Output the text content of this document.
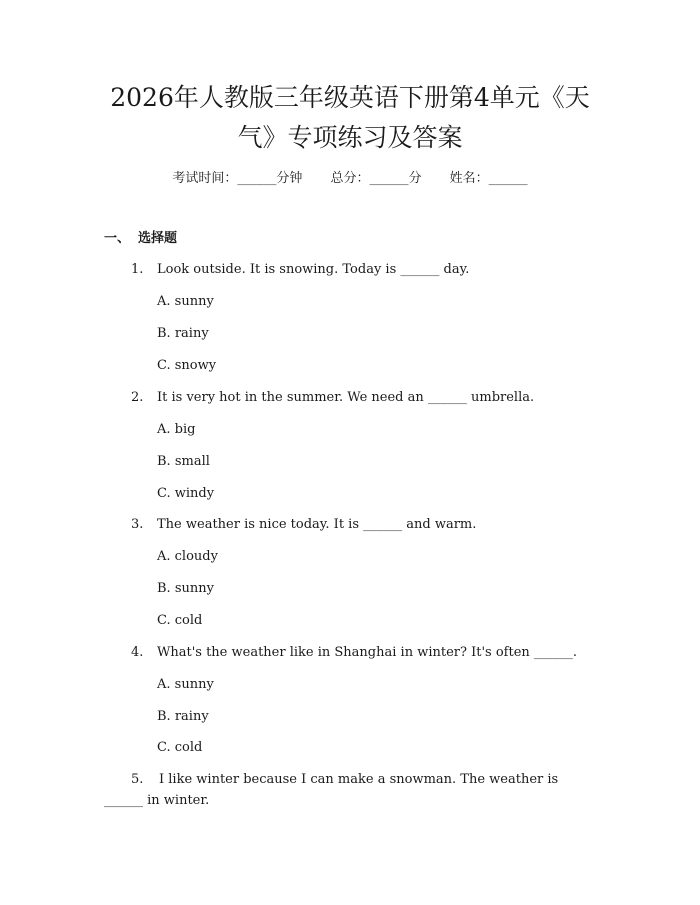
2026年人教版三年级英语下册第4单元《天
气》专项练习及答案
考试时间：______分钟 总分：______分 姓名：______
一、 选择题
1. Look outside. It is snowing. Today is ______ day.
A. sunny
B. rainy
C. snowy
2. It is very hot in the summer. We need an ______ umbrella.
A. big
B. small
C. windy
3. The weather is nice today. It is ______ and warm.
A. cloudy
B. sunny
C. cold
4. What's the weather like in Shanghai in winter? It's often ______.
A. sunny
B. rainy
C. cold
5. I like winter because I can make a snowman. The weather is
______ in winter.
